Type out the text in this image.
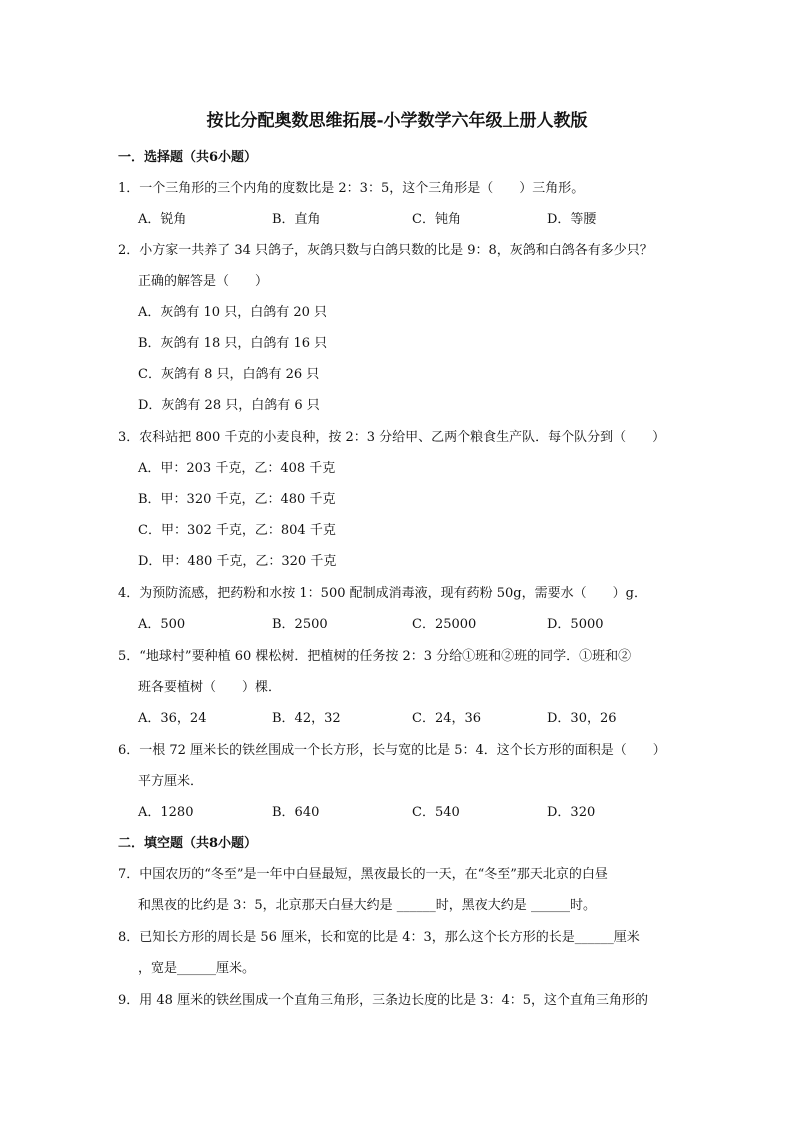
按比分配奥数思维拓展-小学数学六年级上册人教版
一．选择题（共6小题）
1．一个三角形的三个内角的度数比是 2：3：5，这个三角形是（　　）三角形。
A．锐角	B．直角	C．钝角	D．等腰
2．小方家一共养了 34 只鸽子，灰鸽只数与白鸽只数的比是 9：8，灰鸽和白鸽各有多少只？
正确的解答是（　　）
A．灰鸽有 10 只，白鸽有 20 只
B．灰鸽有 18 只，白鸽有 16 只
C．灰鸽有 8 只，白鸽有 26 只
D．灰鸽有 28 只，白鸽有 6 只
3．农科站把 800 千克的小麦良种，按 2：3 分给甲、乙两个粮食生产队．每个队分到（　　）
A．甲：203 千克，乙：408 千克
B．甲：320 千克，乙：480 千克
C．甲：302 千克，乙：804 千克
D．甲：480 千克，乙：320 千克
4．为预防流感，把药粉和水按 1：500 配制成消毒液，现有药粉 50g，需要水（　　）g．
A．500	B．2500	C．25000	D．5000
5．“地球村”要种植 60 棵松树．把植树的任务按 2：3 分给①班和②班的同学．①班和②
班各要植树（　　）棵．
A．36，24	B．42，32	C．24，36	D．30，26
6．一根 72 厘米长的铁丝围成一个长方形，长与宽的比是 5：4．这个长方形的面积是（　　）
平方厘米．
A．1280	B．640	C．540	D．320
二．填空题（共8小题）
7．中国农历的“冬至”是一年中白昼最短，黑夜最长的一天，在“冬至”那天北京的白昼
和黑夜的比约是 3：5，北京那天白昼大约是 ______时，黑夜大约是 ______时。
8．已知长方形的周长是 56 厘米，长和宽的比是 4：3，那么这个长方形的长是______厘米
，宽是______厘米。
9．用 48 厘米的铁丝围成一个直角三角形，三条边长度的比是 3：4：5，这个直角三角形的
